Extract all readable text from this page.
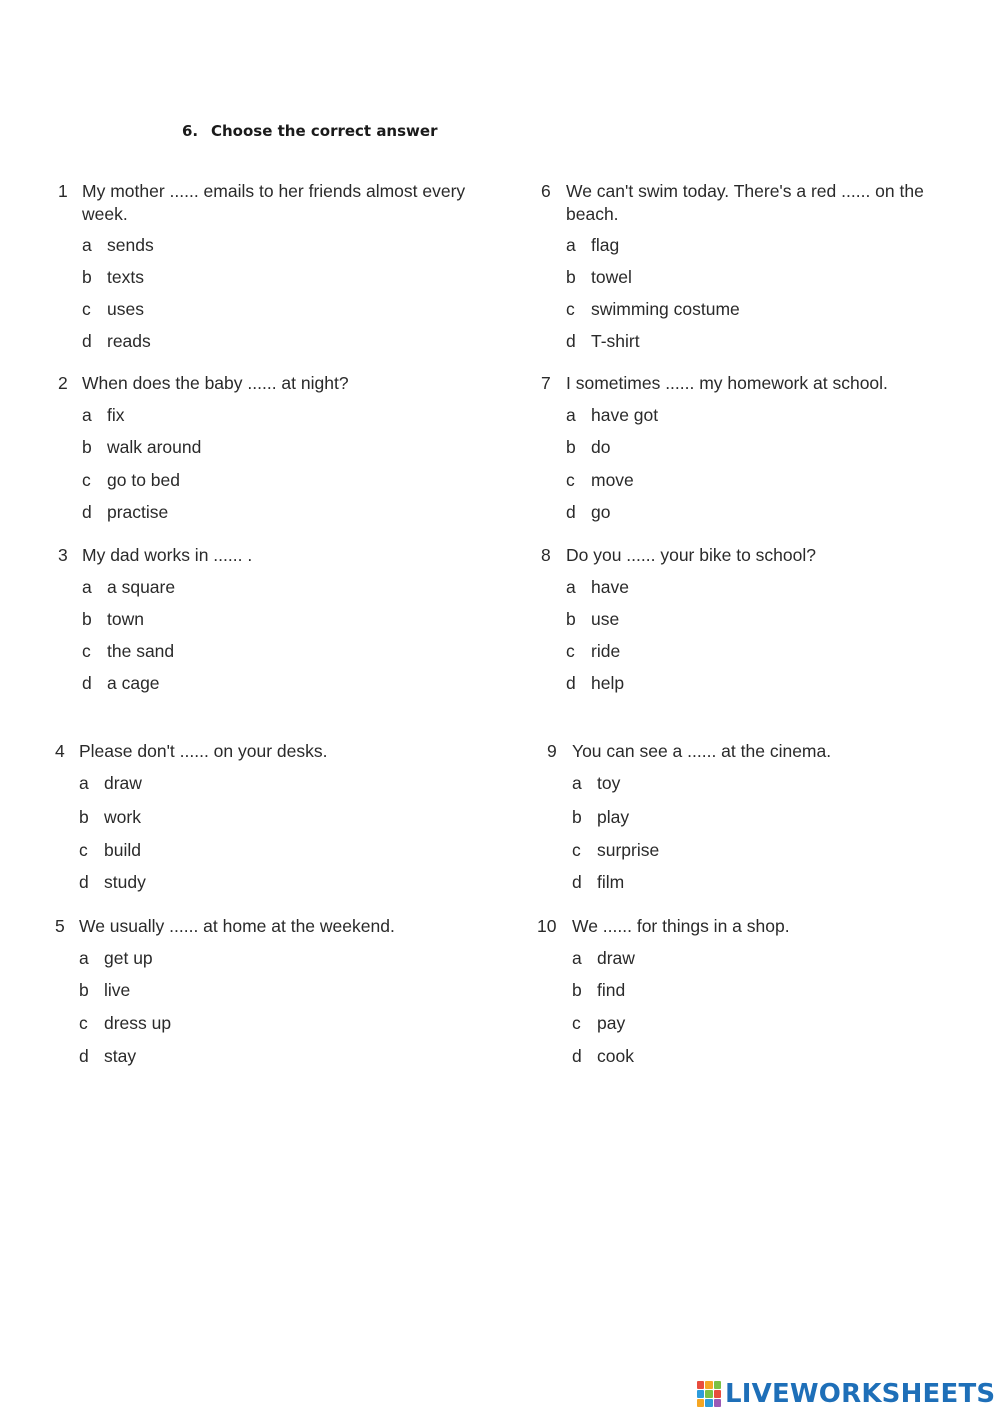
6. Choose the correct answer
1 My mother ...... emails to her friends almost every week.
a sends
b texts
c uses
d reads
2 When does the baby ...... at night?
a fix
b walk around
c go to bed
d practise
3 My dad works in ...... .
a a square
b town
c the sand
d a cage
4 Please don't ...... on your desks.
a draw
b work
c build
d study
5 We usually ...... at home at the weekend.
a get up
b live
c dress up
d stay
6 We can't swim today. There's a red ...... on the beach.
a flag
b towel
c swimming costume
d T-shirt
7 I sometimes ...... my homework at school.
a have got
b do
c move
d go
8 Do you ...... your bike to school?
a have
b use
c ride
d help
9 You can see a ...... at the cinema.
a toy
b play
c surprise
d film
10 We ...... for things in a shop.
a draw
b find
c pay
d cook
LIVEWORKSHEETS
